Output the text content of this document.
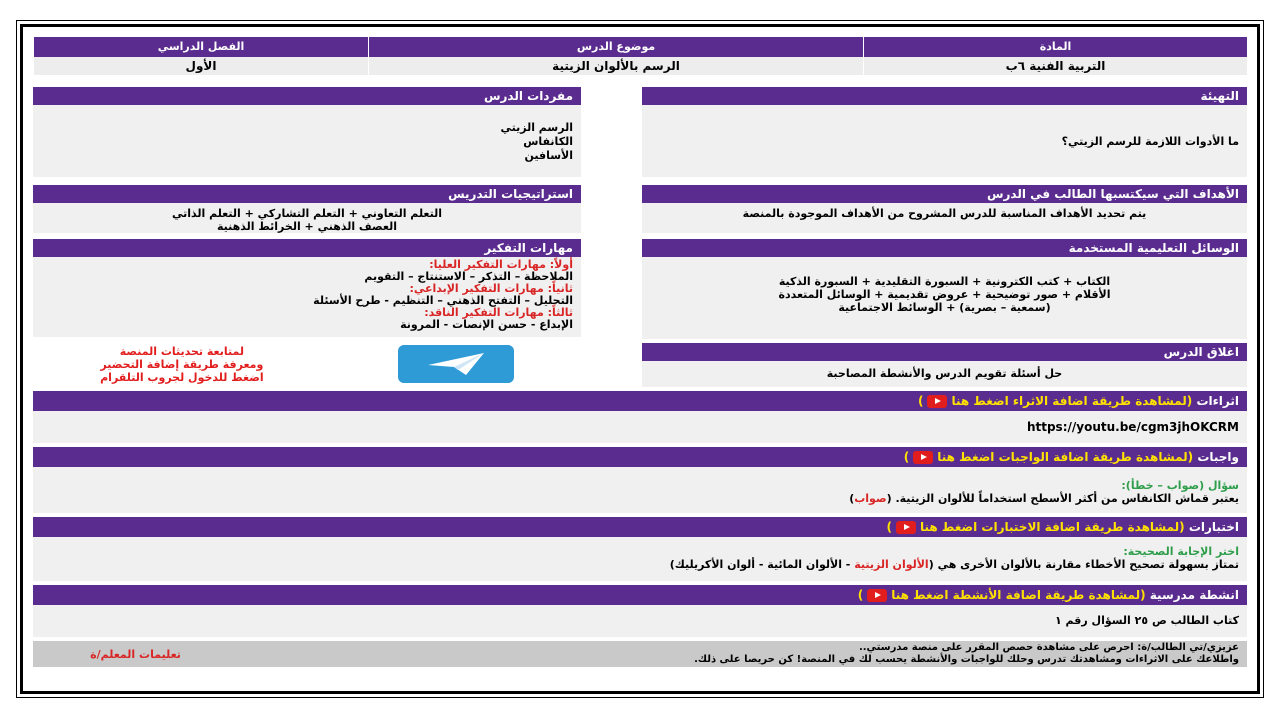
المادة
موضوع الدرس
الفصل الدراسي
التربية الفنية ٦ب
الرسم بالألوان الزيتية
الأول
التهيئة
ما الأدوات اللازمة للرسم الزيتي؟
مفردات الدرس
الرسم الزيتي
الكانفاس
الأسافين
الأهداف التي سيكتسبها الطالب في الدرس
يتم تحديد الأهداف المناسبة للدرس المشروح من الأهداف الموجودة بالمنصة
استراتيجيات التدريس
التعلم التعاوني + التعلم التشاركي + التعلم الذاتي
العصف الذهني + الخرائط الذهنية
الوسائل التعليمية المستخدمة
الكتاب + كتب الكترونية + السبورة التقليدية + السبورة الذكية
الأقلام + صور توضيحية + عروض تقديمية + الوسائل المتعددة
(سمعية – بصرية) + الوسائط الاجتماعية
اغلاق الدرس
حل أسئلة تقويم الدرس والأنشطة المصاحبة
مهارات التفكير
أولاً: مهارات التفكير العليا:
الملاحظة – التذكر – الاستنتاج – التقويم
ثانياً: مهارات التفكير الإبداعي:
التحليل – التفتح الذهني – التنظيم - طرح الأسئلة
ثالثاً: مهارات التفكير الناقد:
الإبداع - حسن الإنصات - المرونة
لمتابعة تحديثات المنصة
ومعرفة طريقة إضافة التحضير
اضغط للدخول لجروب التلقرام
اثراءات (لمشاهدة طريقة اضافة الاثراء اضغط هنا)
https://youtu.be/cgm3jhOKCRM
واجبات (لمشاهدة طريقة اضافة الواجبات اضغط هنا)
سؤال (صواب – خطأ):
يعتبر قماش الكانفاس من أكثر الأسطح استخداماً للألوان الزيتية. (صواب)
اختبارات (لمشاهدة طريقة اضافة الاختبارات اضغط هنا)
اختر الإجابة الصحيحة:
تمتاز بسهولة تصحيح الأخطاء مقارنة بالألوان الأخرى هي (الألوان الزيتية - الألوان المائية - ألوان الأكريليك)
انشطة مدرسية (لمشاهدة طريقة اضافة الأنشطة اضغط هنا)
كتاب الطالب ص ٢٥ السؤال رقم ١
عزيزي/تي الطالب/ة: احرص على مشاهدة حصص المقرر على منصة مدرستي..
واطلاعك على الاثراءات ومشاهدتك تدرس وحلك للواجبات والأنشطة يحسب لك في المنصة! كن حريصا على ذلك.
تعليمات المعلم/ة
